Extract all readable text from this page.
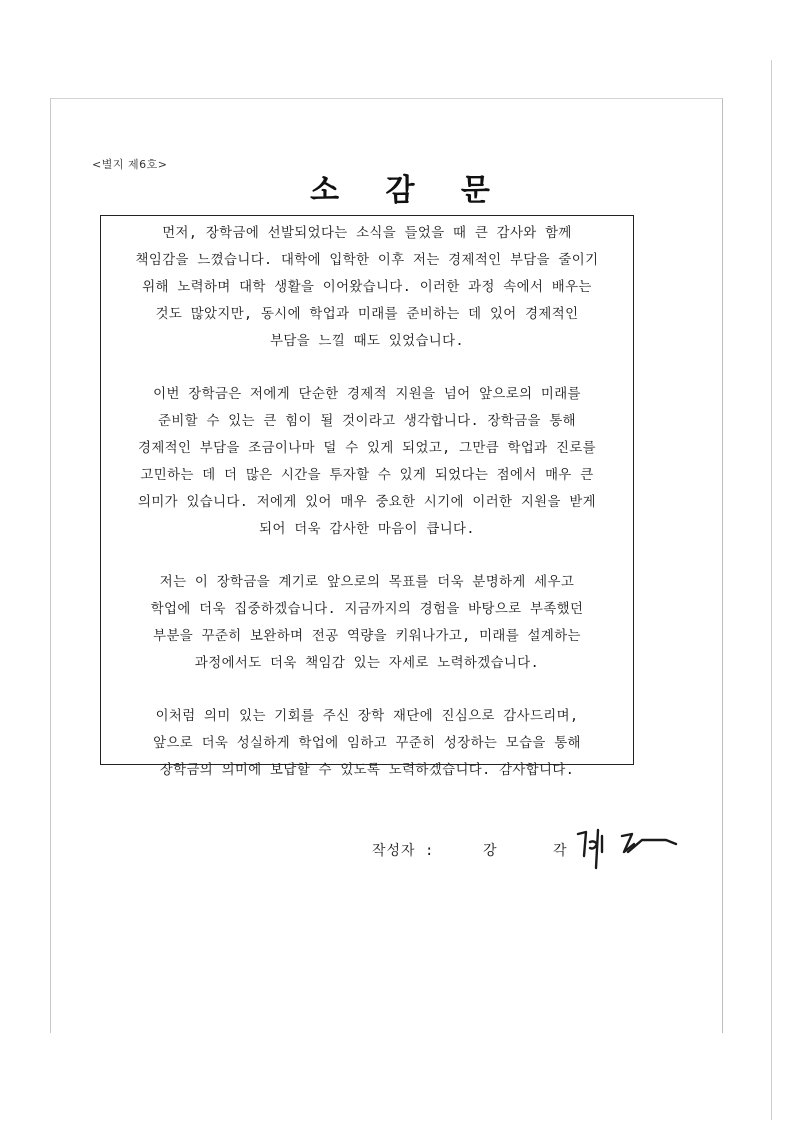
<별지 제6호>
소 감 문
먼저, 장학금에 선발되었다는 소식을 들었을 때 큰 감사와 함께
책임감을 느꼈습니다. 대학에 입학한 이후 저는 경제적인 부담을 줄이기
위해 노력하며 대학 생활을 이어왔습니다. 이러한 과정 속에서 배우는
것도 많았지만, 동시에 학업과 미래를 준비하는 데 있어 경제적인
부담을 느낄 때도 있었습니다.
이번 장학금은 저에게 단순한 경제적 지원을 넘어 앞으로의 미래를
준비할 수 있는 큰 힘이 될 것이라고 생각합니다. 장학금을 통해
경제적인 부담을 조금이나마 덜 수 있게 되었고, 그만큼 학업과 진로를
고민하는 데 더 많은 시간을 투자할 수 있게 되었다는 점에서 매우 큰
의미가 있습니다. 저에게 있어 매우 중요한 시기에 이러한 지원을 받게
되어 더욱 감사한 마음이 큽니다.
저는 이 장학금을 계기로 앞으로의 목표를 더욱 분명하게 세우고
학업에 더욱 집중하겠습니다. 지금까지의 경험을 바탕으로 부족했던
부분을 꾸준히 보완하며 전공 역량을 키워나가고, 미래를 설계하는
과정에서도 더욱 책임감 있는 자세로 노력하겠습니다.
이처럼 의미 있는 기회를 주신 장학 재단에 진심으로 감사드리며,
앞으로 더욱 성실하게 학업에 임하고 꾸준히 성장하는 모습을 통해
장학금의 의미에 보답할 수 있도록 노력하겠습니다. 감사합니다.
작성자 :	강 각
